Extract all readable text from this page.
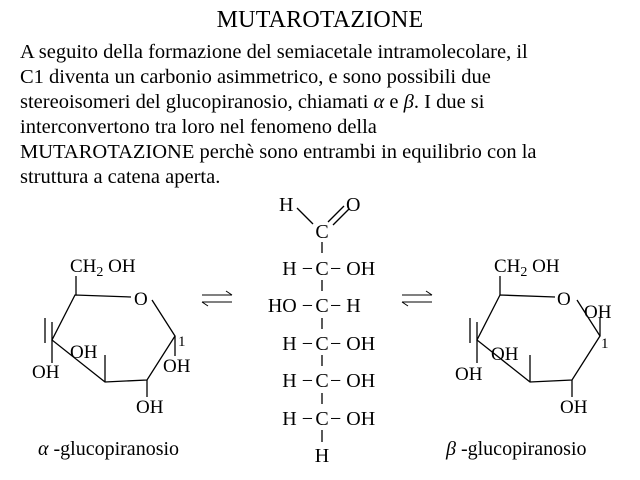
MUTAROTAZIONE
A seguito della formazione del semiacetale intramolecolare, il
C1 diventa un carbonio asimmetrico, e sono possibili due
stereoisomeri del glucopiranosio, chiamati α e β. I due si
interconvertono tra loro nel fenomeno della
MUTAROTAZIONE perchè sono entrambi in equilibrio con la
struttura a catena aperta.
$CH_2$ OH
O
1
OH
OH
OH
OH
α -glucopiranosio
H	O
C
C − OH
H −
HO − C − H
H − C − OH
H − C − OH
H − C − OH
H
$CH_2$ OH
O
OH
1
OH
OH
OH
β -glucopiranosio
